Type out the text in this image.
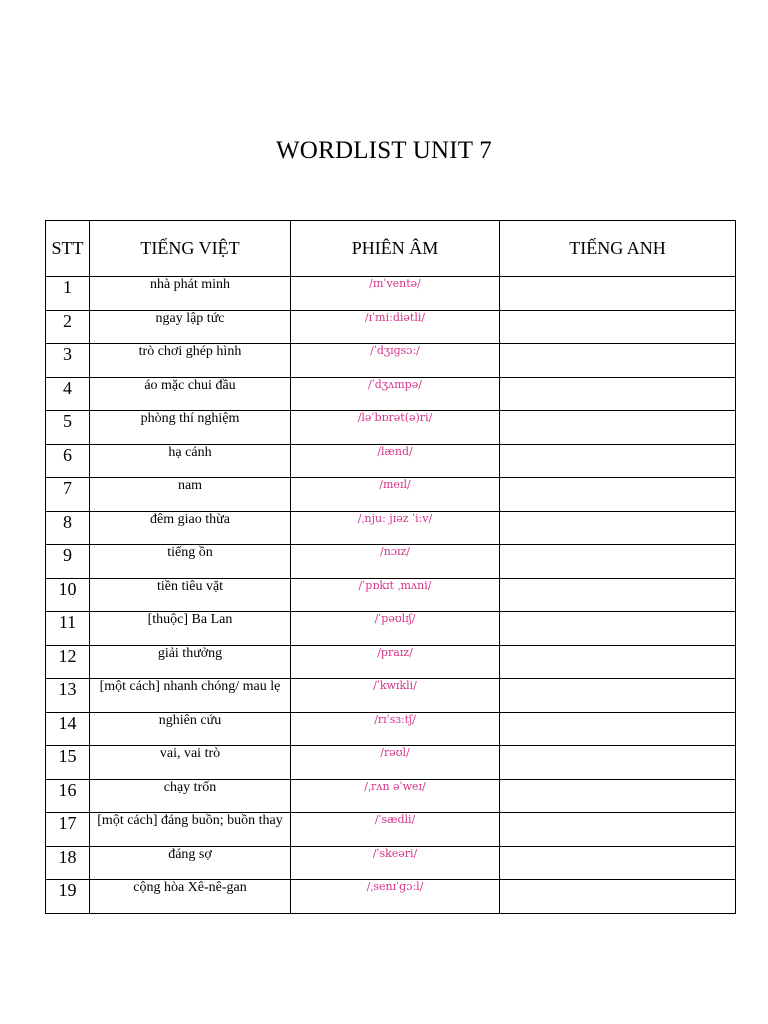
WORDLIST UNIT 7
STT	TIẾNG VIỆT	PHIÊN ÂM	TIẾNG ANH
1	nhà phát minh	/ɪnˈventə/	
2	ngay lập tức	/ɪˈmiːdiətli/	
3	trò chơi ghép hình	/ˈdʒɪɡsɔː/	
4	áo mặc chui đầu	/ˈdʒʌmpə/	
5	phòng thí nghiệm	/ləˈbɒrət(ə)ri/	
6	hạ cánh	/lænd/	
7	nam	/meɪl/	
8	đêm giao thừa	/ˌnjuː jɪəz ˈiːv/	
9	tiếng ồn	/nɔɪz/	
10	tiền tiêu vặt	/ˈpɒkɪt ˌmʌni/	
11	[thuộc] Ba Lan	/ˈpəʊlɪʃ/	
12	giải thưởng	/praɪz/	
13	[một cách] nhanh chóng/ mau lẹ	/ˈkwɪkli/	
14	nghiên cứu	/rɪˈsɜːtʃ/	
15	vai, vai trò	/rəʊl/	
16	chạy trốn	/ˌrʌn əˈweɪ/	
17	[một cách] đáng buồn; buồn thay	/ˈsædli/	
18	đáng sợ	/ˈskeəri/	
19	cộng hòa Xê-nê-gan	/ˌsenɪˈɡɔːl/	
